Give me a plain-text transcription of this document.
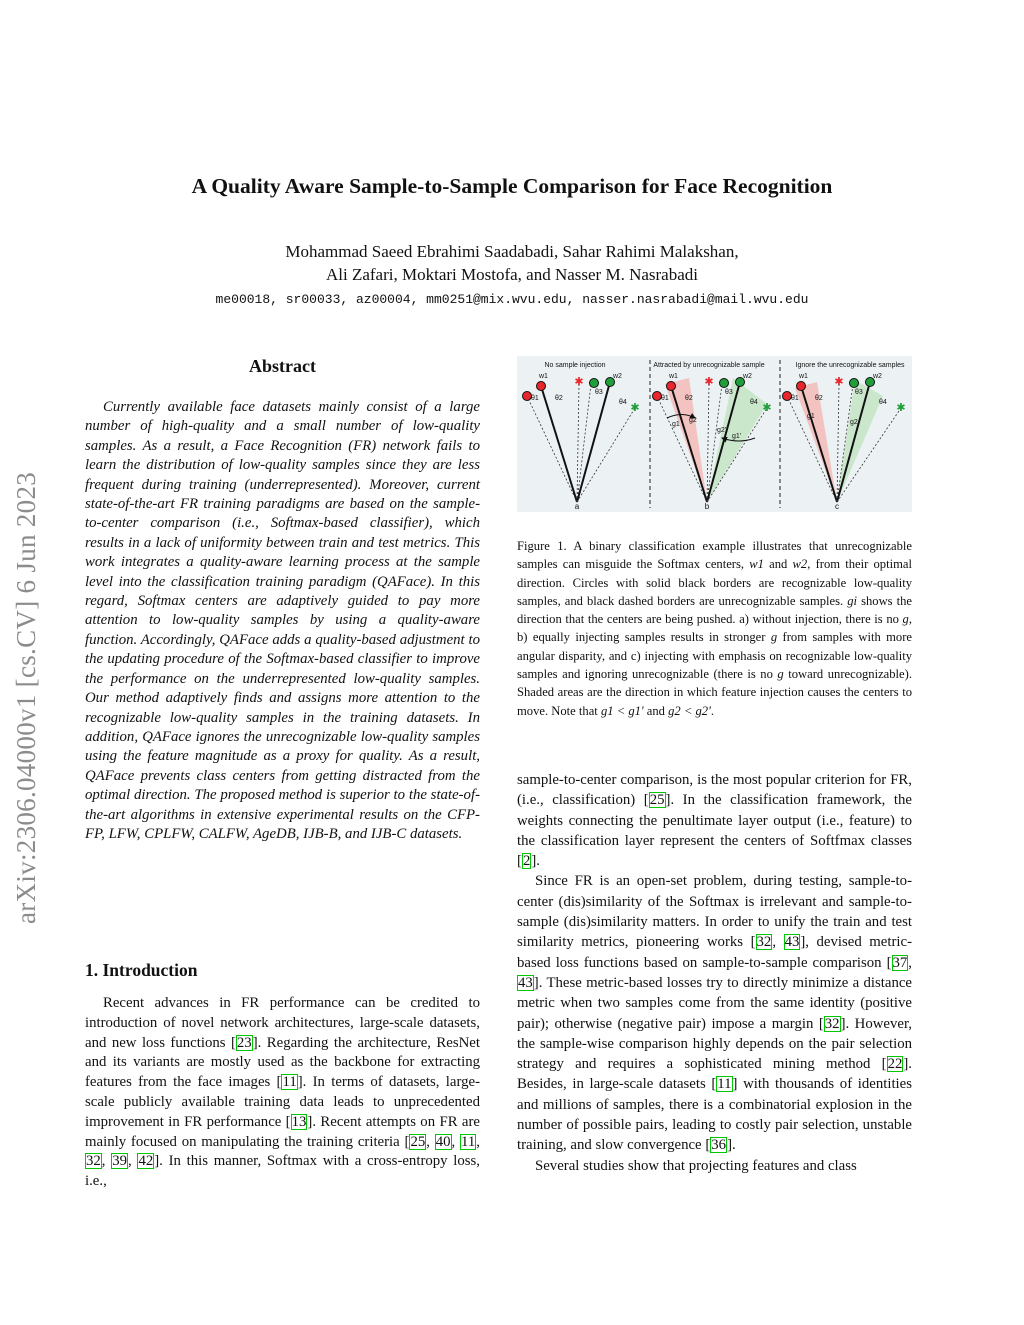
A Quality Aware Sample-to-Sample Comparison for Face Recognition
Mohammad Saeed Ebrahimi Saadabadi, Sahar Rahimi Malakshan,
Ali Zafari, Moktari Mostofa, and Nasser M. Nasrabadi
me00018, sr00033, az00004, mm0251@mix.wvu.edu, nasser.nasrabadi@mail.wvu.edu
arXiv:2306.04000v1 [cs.CV] 6 Jun 2023
Abstract

Currently available face datasets mainly consist of a large number of high-quality and a small number of low-quality samples. As a result, a Face Recognition (FR) network fails to learn the distribution of low-quality samples since they are less frequent during training (underrepresented). Moreover, current state-of-the-art FR training paradigms are based on the sample-to-center comparison (i.e., Softmax-based classifier), which results in a lack of uniformity between train and test metrics. This work integrates a quality-aware learning process at the sample level into the classification training paradigm (QAFace). In this regard, Softmax centers are adaptively guided to pay more attention to low-quality samples by using a quality-aware function. Accordingly, QAFace adds a quality-based adjustment to the updating procedure of the Softmax-based classifier to improve the performance on the underrepresented low-quality samples. Our method adaptively finds and assigns more attention to the recognizable low-quality samples in the training datasets. In addition, QAFace ignores the unrecognizable low-quality samples using the feature magnitude as a proxy for quality. As a result, QAFace prevents class centers from getting distracted from the optimal direction. The proposed method is superior to the state-of-the-art algorithms in extensive experimental results on the CFP-FP, LFW, CPLFW, CALFW, AgeDB, IJB-B, and IJB-C datasets.

1. Introduction

Recent advances in FR performance can be credited to introduction of novel network architectures, large-scale datasets, and new loss functions [23]. Regarding the architecture, ResNet and its variants are mostly used as the backbone for extracting features from the face images [11]. In terms of datasets, large-scale publicly available training data leads to unprecedented improvement in FR performance [13]. Recent attempts on FR are mainly focused on manipulating the training criteria [25, 40, 11, 32, 39, 42]. In this manner, Softmax with a cross-entropy loss, i.e.,

No sample injection	Attracted by unrecognizable sample	Ignore the unrecognizable samples
✱
✱
w1	w2
θ1 θ2
θ3
θ4
a
✱
✱
w1	w2
θ1 θ2
θ3
θ4
g1
g2
g2'
g1'
b
✱
✱
w1	w2
θ1 θ2
θ3
θ4
g1
g2
c
Figure 1. A binary classification example illustrates that unrecognizable samples can misguide the Softmax centers, w1 and w2, from their optimal direction. Circles with solid black borders are recognizable low-quality samples, and black dashed borders are unrecognizable samples. gi shows the direction that the centers are being pushed. a) without injection, there is no g, b) equally injecting samples results in stronger g from samples with more angular disparity, and c) injecting with emphasis on recognizable low-quality samples and ignoring unrecognizable (there is no g toward unrecognizable). Shaded areas are the direction in which feature injection causes the centers to move. Note that g1 < g1' and g2 < g2'.

sample-to-center comparison, is the most popular criterion for FR, (i.e., classification) [25]. In the classification framework, the weights connecting the penultimate layer output (i.e., feature) to the classification layer represent the centers of Softfmax classes [2].

Since FR is an open-set problem, during testing, sample-to-center (dis)similarity of the Softmax is irrelevant and sample-to-sample (dis)similarity matters. In order to unify the train and test similarity metrics, pioneering works [32, 43], devised metric-based loss functions based on sample-to-sample comparison [37, 43]. These metric-based losses try to directly minimize a distance metric when two samples come from the same identity (positive pair); otherwise (negative pair) impose a margin [32]. However, the sample-wise comparison highly depends on the pair selection strategy and requires a sophisticated mining method [22]. Besides, in large-scale datasets [11] with thousands of identities and millions of samples, there is a combinatorial explosion in the number of possible pairs, leading to costly pair selection, unstable training, and slow convergence [36].

Several studies show that projecting features and class
